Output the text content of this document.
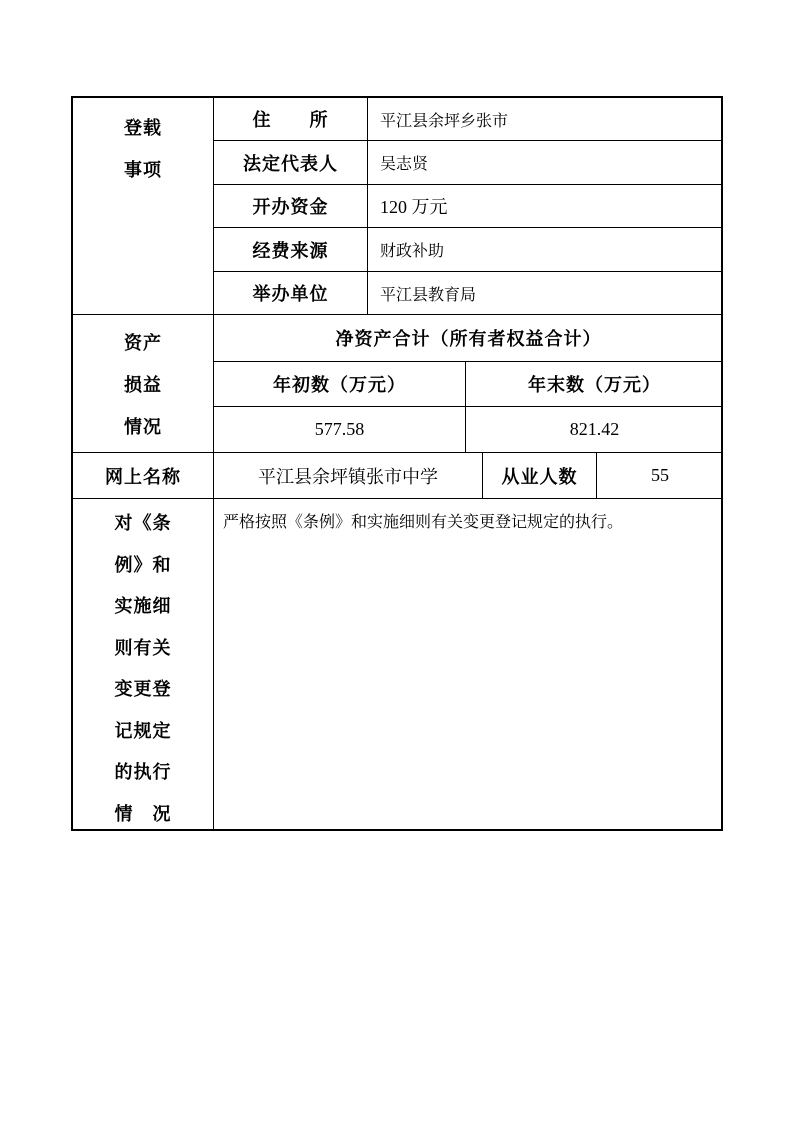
登载
事项
住　　所	平江县余坪乡张市
法定代表人	吴志贤
开办资金	120 万元
经费来源	财政补助
举办单位	平江县教育局
资产
损益
情况
净资产合计（所有者权益合计）
年初数（万元）	年末数（万元）
577.58	821.42
网上名称	平江县余坪镇张市中学	从业人数	55
对《条
例》和
实施细
则有关
变更登
记规定
的执行
情　况
严格按照《条例》和实施细则有关变更登记规定的执行。
